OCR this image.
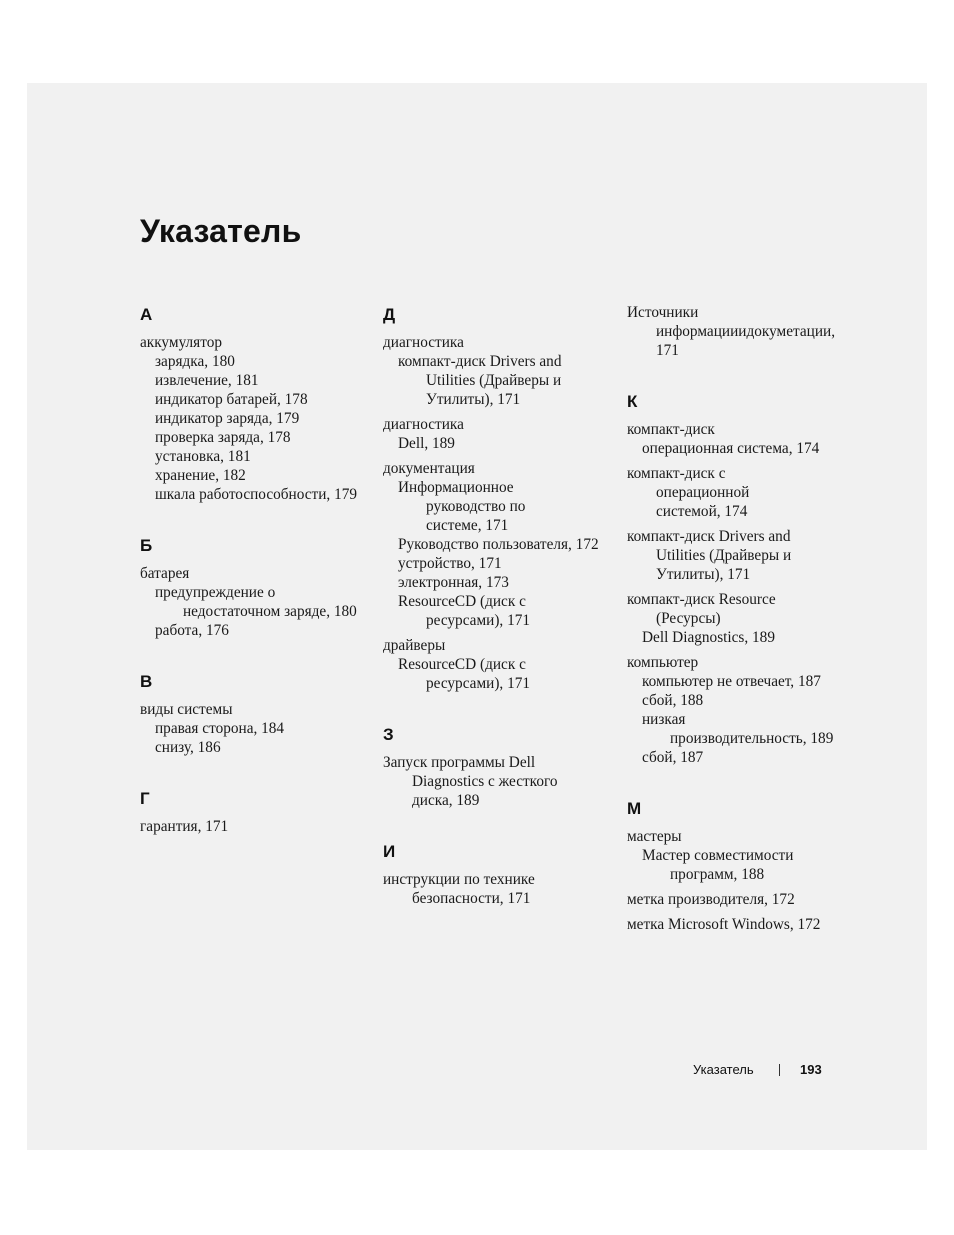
Указатель
А
аккумулятор
зарядка, 180
извлечение, 181
индикатор батарей, 178
индикатор заряда, 179
проверка заряда, 178
установка, 181
хранение, 182
шкала работоспособности, 179
Б
батарея
предупреждение о
недостаточном заряде, 180
работа, 176
В
виды системы
правая сторона, 184
снизу, 186
Г
гарантия, 171
Д
диагностика
компакт-диск Drivers and
Utilities (Драйверы и
Утилиты), 171
диагностика
Dell, 189
документация
Информационное
руководство по
системе, 171
Руководство пользователя, 172
устройство, 171
электронная, 173
ResourceCD (диск с
ресурсами), 171
драйверы
ResourceCD (диск с
ресурсами), 171
З
Запуск программы Dell
Diagnostics с жесткого
диска, 189
И
инструкции по технике
безопасности, 171
Источники
информацииидокуметации,
171
К
компакт-диск
операционная система, 174
компакт-диск с
операционной
системой, 174
компакт-диск Drivers and
Utilities (Драйверы и
Утилиты), 171
компакт-диск Resource
(Ресурсы)
Dell Diagnostics, 189
компьютер
компьютер не отвечает, 187
сбой, 188
низкая
производительность, 189
сбой, 187
М
мастеры
Мастер совместимости
программ, 188
метка производителя, 172
метка Microsoft Windows, 172
Указатель	193
